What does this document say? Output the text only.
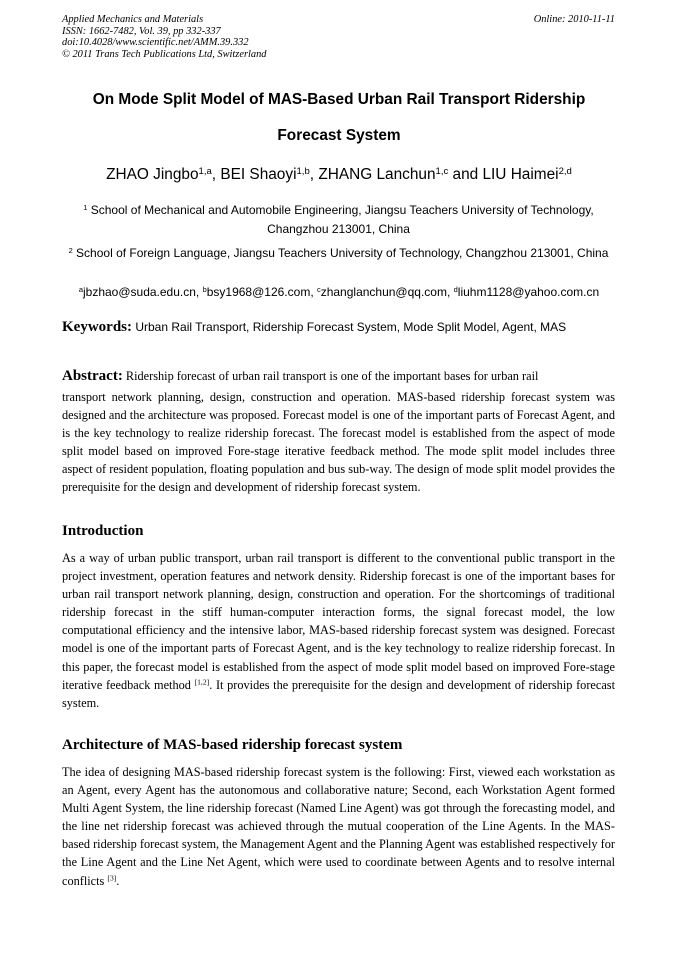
Applied Mechanics and Materials
ISSN: 1662-7482, Vol. 39, pp 332-337
doi:10.4028/www.scientific.net/AMM.39.332
© 2011 Trans Tech Publications Ltd, Switzerland
Online: 2010-11-11
On Mode Split Model of MAS-Based Urban Rail Transport Ridership
Forecast System
ZHAO Jingbo$^{1,a}$, BEI Shaoyi$^{1,b}$, ZHANG Lanchun$^{1,c}$ and LIU Haimei$^{2,d}$
$^1$ School of Mechanical and Automobile Engineering, Jiangsu Teachers University of Technology, Changzhou 213001, China
$^2$ School of Foreign Language, Jiangsu Teachers University of Technology, Changzhou 213001, China
$^a$jbzhao@suda.edu.cn, $^b$bsy1968@126.com, $^c$zhanglanchun@qq.com, $^d$liuhm1128@yahoo.com.cn
Keywords: Urban Rail Transport, Ridership Forecast System, Mode Split Model, Agent, MAS

Abstract: Ridership forecast of urban rail transport is one of the important bases for urban rail

transport network planning, design, construction and operation. MAS-based ridership forecast system was designed and the architecture was proposed. Forecast model is one of the important parts of Forecast Agent, and is the key technology to realize ridership forecast. The forecast model is established from the aspect of mode split model based on improved Fore-stage iterative feedback method. The mode split model includes three aspect of resident population, floating population and bus sub-way. The design of mode split model provides the prerequisite for the design and development of ridership forecast system.

Introduction

As a way of urban public transport, urban rail transport is different to the conventional public transport in the project investment, operation features and network density. Ridership forecast is one of the important bases for urban rail transport network planning, design, construction and operation. For the shortcomings of traditional ridership forecast in the stiff human-computer interaction forms, the signal forecast model, the low computational efficiency and the intensive labor, MAS-based ridership forecast system was designed. Forecast model is one of the important parts of Forecast Agent, and is the key technology to realize ridership forecast. In this paper, the forecast model is established from the aspect of mode split model based on improved Fore-stage iterative feedback method [1,2]. It provides the prerequisite for the design and development of ridership forecast system.

Architecture of MAS-based ridership forecast system

The idea of designing MAS-based ridership forecast system is the following: First, viewed each workstation as an Agent, every Agent has the autonomous and collaborative nature; Second, each Workstation Agent formed Multi Agent System, the line ridership forecast (Named Line Agent) was got through the forecasting model, and the line net ridership forecast was achieved through the mutual cooperation of the Line Agents. In the MAS-based ridership forecast system, the Management Agent and the Planning Agent was established respectively for the Line Agent and the Line Net Agent, which were used to coordinate between Agents and to resolve internal conflicts [3].
